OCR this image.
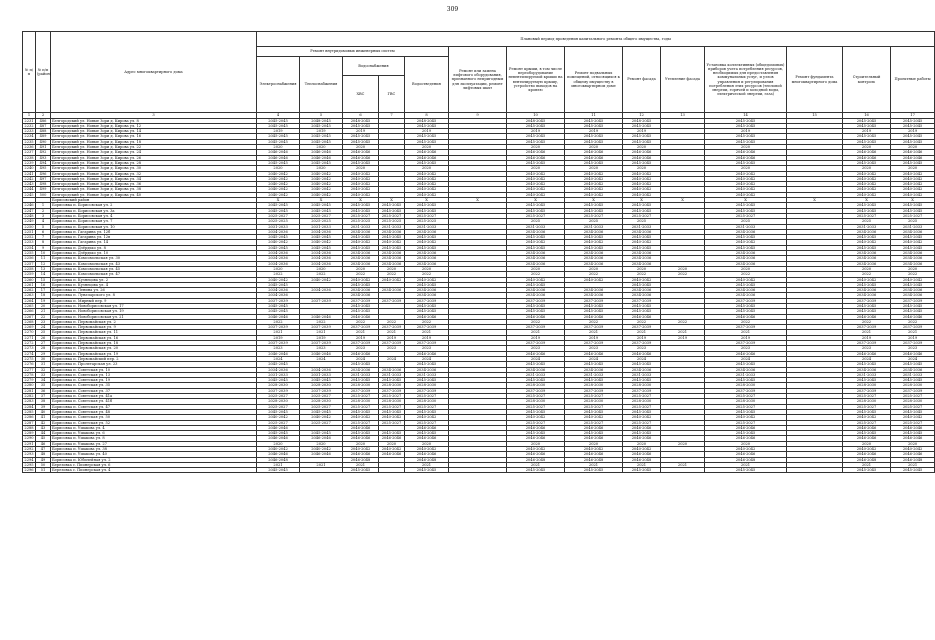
309
№ п/п	№ п/п (район)	Адрес многоквартирного дома	Плановый период проведения капитального ремонта общего имущества, годы													
			Ремонт внутридомовых инженерных систем					Ремонт или замена лифтового оборудования, признанного непригодным для эксплуатации, ремонт лифтовых шахт	Ремонт крыши, в том числе переоборудование невентилируемой крыши на вентилируемую крышу, устройство выходов на кровлю	Ремонт подвальных помещений, относящихся к общему имуществу в многоквартирном доме	Ремонт фасада	Утепление фасада	Установка коллективных (общедомовых) приборов учета потребления ресурсов, необходимых для предоставления коммунальных услуг, и узлов управления и регулирования потребления этих ресурсов (тепловой энергии, горячей и холодной воды, электрической энергии, газа)	Ремонт фундамента многоквартирного дома	Строительный контроль	Проектные работы
			Электроснабжения	Теплоснабжения	Водоснабжения
ХВС ГВС		Водоотведения									
1	2	3	4	5	6	7	8	9	10	11	12	13	14	15	16	17
2231	486	Белгородский ул. Новые Зори д. Кирова ул. 8	2045-2045	2048-2045	2048-2045		2048-2045		2048-2045	2045-2045	2048-2045		2045-2045		2045-2045	2045-2045
2232	487	Белгородский ул. Новые Зори д. Кирова ул. 12	2045-2045	2045-2045	2045-2045		2045-2045		2045-2045	2045-2045	2045-2045		2045-2045		2045-2045	2045-2045
2233	488	Белгородский ул. Новые Зори д. Кирова ул. 14	2019	2019	2019		2019		2019	2019	2019		2019		2019	2019
2234	489	Белгородский ул. Новые Зори д. Кирова ул. 16	2045-2045	2045-2045	2045-2045		2045-2045		2045-2045	2045-2045	2045-2045		2045-2045		2045-2045	2045-2045
2235	490	Белгородский ул. Новые Зори д. Кирова ул. 18	2045-2045	2045-2045	2045-2045		2045-2045		2045-2045	2045-2045	2045-2045		2045-2045		2045-2045	2045-2045
2236	491	Белгородский ул. Новые Зори д. Кирова ул. 22	2020	2020	2020		2020		2020	2020	2020		2020		2020	2020
2237	492	Белгородский ул. Новые Зори д. Кирова ул. 24	2046-2046	2046-2046	2046-2046		2046-2046		2046-2046	2046-2046	2046-2046		2046-2046		2046-2046	2046-2046
2238	493	Белгородский ул. Новые Зори д. Кирова ул. 26	2046-2046	2046-2046	2046-2046		2046-2046		2046-2046	2046-2046	2046-2046		2046-2046		2046-2046	2046-2046
2239	494	Белгородский ул. Новые Зори д. Кирова ул. 28	2045-2045	2045-2045	2045-2045		2045-2045		2045-2045	2045-2045	2045-2045		2045-2045		2045-2045	2045-2045
2240	495	Белгородский ул. Новые Зори д. Кирова ул. 30	2020	2020	2020		2020		2020	2020	2020		2020		2020	2020
2241	496	Белгородский ул. Новые Зори д. Кирова ул. 32	2040-2042	2040-2042	2040-2042		2040-2042		2040-2042	2040-2042	2040-2042		2040-2042		2040-2042	2040-2042
2242	497	Белгородский ул. Новые Зори д. Кирова ул. 34	2040-2042	2040-2042	2040-2042		2040-2042		2040-2042	2040-2042	2040-2042		2040-2042		2040-2042	2040-2042
2243	498	Белгородский ул. Новые Зори д. Кирова ул. 36	2040-2042	2040-2042	2040-2042		2040-2042		2040-2042	2040-2042	2040-2042		2040-2042		2040-2042	2040-2042
2244	499	Белгородский ул. Новые Зори д. Кирова ул. 38	2040-2042	2040-2042	2040-2042		2040-2042		2040-2042	2040-2042	2040-2042		2040-2042		2040-2042	2040-2042
2245	500	Белгородский ул. Новые Зори д. Кирова ул. 40	2040-2042	2040-2042	2040-2042		2040-2042		2040-2042	2040-2042	2040-2042		2040-2042		2040-2042	2040-2042
		Борисовский район	X	X	X	X	X	X	X	X	X	X	X	X	X	X
2246	1	Борисовка п. Борисовская ул. 2	2045-2045	2045-2045	2045-2045	2045-2045	2045-2045		2045-2045	2045-2045	2045-2045		2045-2045		2045-2045	2045-2045
2247	2	Борисовка п. Борисовская ул. 3а	2045-2045	2045-2045	2045-2045	2045-2045	2045-2045		2045-2045	2045-2045	2045-2045		2045-2045		2045-2045	2045-2045
2248	3	Борисовка п. Борисовская ул. 4	2025-2027	2025-2027	2025-2027	2025-2027	2025-2027		2025-2027	2025-2027	2025-2027		2025-2027		2025-2027	2025-2027
2249	4	Борисовка п. Борисовская ул. 7	2025-2025	2025-2025	2025-2025	2025-2025	2025-2025		2025	2025	2025		2025		2025	2025
2250	5	Борисовка п. Борисовская ул. 10	2031-2033	2031-2033	2031-2033	2031-2033	2031-2033		2031-2033	2031-2033	2031-2033		2031-2033		2031-2033	2031-2033
2251	6	Борисовка п. Гагарина ул. 12б	2034-2036	2034-2036	2034-2036	2034-2036	2034-2036		2034-2036	2034-2036	2034-2036		2034-2036		2034-2036	2034-2036
2252	7	Борисовка п. Гагарина ул. 12в	2045-2045	2045-2045	2045-2045	2045-2045	2045-2045		2045-2045	2045-2045	2045-2045		2045-2045		2045-2045	2045-2045
2253	8	Борисовка п. Гагарина ул. 14	2040-2042	2040-2042	2040-2042	2040-2042	2040-2042		2040-2042	2040-2042	2040-2042		2040-2042		2040-2042	2040-2042
2254	9	Борисовка п. Дзёрдько ул. 8	2045-2045	2045-2045	2045-2045	2045-2045	2045-2045		2045-2045	2045-2045	2045-2045		2045-2045		2045-2045	2045-2045
2255	10	Борисовка п. Дзёрдько ул. 10	2034-2036	2034-2036	2034-2036	2034-2036	2034-2036		2034-2036	2034-2036	2034-2036		2034-2036		2034-2036	2034-2036
2256	11	Борисовка п. Комсомольская ул. 30	2034-2036	2034-2036	2034-2036	2034-2036	2034-2036		2034-2036	2034-2036	2034-2036		2034-2036		2034-2036	2034-2036
2257	12	Борисовка п. Комсомольская ул. 43	2034-2036	2034-2036	2034-2036	2034-2036	2034-2036		2034-2036	2034-2036	2034-2036		2034-2036		2034-2036	2034-2036
2258	13	Борисовка п. Комсомольская ул. 45	2020	2020	2020	2020	2020		2020	2020	2020	2020	2020		2020	2020
2259	14	Борисовка п. Комсомольская ул. 47	2022	2022	2022	2022	2022		2022	2022	2022	2022	2022		2022	2022
2260	15	Борисовка п. Кузнецова ул. 2	2040-2042	2040-2042	2040-2042	2040-2042	2040-2042		2040-2042	2040-2042	2040-2042		2040-2042		2040-2042	2040-2042
2261	16	Борисовка п. Кузнецова ул. 4	2045-2045		2045-2045		2045-2045		2045-2045		2045-2045		2045-2045		2045-2045	2045-2045
2262	17	Борисовка п. Ленина ул. 26	2034-2036	2034-2036	2034-2036	2034-2036	2034-2036		2034-2036	2034-2036	2034-2036		2034-2036		2034-2036	2034-2036
2263	18	Борисовка п. Луначарского ул. 8	2034-2036		2034-2036		2034-2036		2034-2036	2034-2036	2034-2036		2034-2036		2034-2036	2034-2036
2264	19	Борисовка п. Мирный пер. 9	2037-2039	2037-2039	2037-2039	2037-2039	2037-2039		2037-2039	2037-2039	2037-2039		2037-2039		2037-2039	2037-2039
2265	20	Борисовка п. Новоборисовская ул. 17	2045-2045		2045-2045		2045-2045		2045-2045	2045-2045	2045-2045		2045-2045		2045-2045	2045-2045
2266	21	Борисовка п. Новоборисовская ул. 19	2045-2045		2045-2045		2045-2045		2045-2045	2045-2045	2045-2045		2045-2045		2045-2045	2045-2045
2267	22	Борисовка п. Новоборисовская ул. 21	2046-2046	2046-2046	2046-2046		2046-2046		2046-2046	2046-2046	2046-2046		2046-2046		2046-2046	2046-2046
2268	23	Борисовка п. Первомайская ул. 2	2022	2022	2022	2022	2022		2022	2022	2022	2022	2022		2022	2022
2269	24	Борисовка п. Первомайская ул. 9	2037-2039	2037-2039	2037-2039	2037-2039	2037-2039		2037-2039	2037-2039	2037-2039		2037-2039		2037-2039	2037-2039
2270	25	Борисовка п. Первомайская ул. 11	2021	2021	2021	2021	2021		2021	2021	2021	2021	2021		2021	2021
2271	26	Борисовка п. Первомайская ул. 16	2019	2019	2019	2019	2019		2019	2019	2019	2019	2019		2019	2019
2272	27	Борисовка п. Первомайская ул. 18	2037-2039	2037-2039	2037-2039	2037-2039	2037-2039		2037-2039	2037-2039	2037-2039		2037-2039		2037-2039	2037-2039
2273	28	Борисовка п. Первомайская ул. 20	2023	2023	2023	2023	2023		2023	2023	2023		2023		2023	2023
2274	29	Борисовка п. Первомайская ул. 19	2046-2046	2046-2046	2046-2046		2046-2046		2046-2046	2046-2046	2046-2046		2046-2046		2046-2046	2046-2046
2275	30	Борисовка п. Первомайский пер. 2	2024	2024	2024	2024	2024		2024	2024	2024		2024		2024	2024
2276	31	Борисовка п. Пролетарская ул. 23	2045-2045		2045-2045		2045-2045		2045-2045	2045-2045	2045-2045		2045-2045		2045-2045	2045-2045
2277	32	Борисовка п. Советская ул. 10	2034-2036	2034-2036	2034-2036	2034-2036	2034-2036		2034-2036	2034-2036	2034-2036		2034-2036		2034-2036	2034-2036
2278	33	Борисовка п. Советская ул. 13	2031-2033	2031-2033	2031-2033	2031-2033	2031-2033		2031-2033	2031-2033	2031-2033		2031-2033		2031-2033	2031-2033
2279	34	Борисовка п. Советская ул. 19	2045-2045	2045-2045	2045-2045	2045-2045	2045-2045		2045-2045	2045-2045	2045-2045		2045-2045		2045-2045	2045-2045
2280	35	Борисовка п. Советская ул. 35	2028-2030	2028-2030	2028-2030	2028-2030	2028-2030		2028-2030	2028-2030	2028-2030		2028-2030		2028-2030	2028-2030
2281	36	Борисовка п. Советская ул. 37	2037-2039	2037-2039	2037-2039	2037-2039	2037-2039		2037-2039	2037-2039	2037-2039		2037-2039		2037-2039	2037-2039
2282	37	Борисовка п. Советская ул. 41а	2025-2027	2025-2027	2025-2027	2025-2027	2025-2027		2025-2027	2025-2027	2025-2027		2025-2027		2025-2027	2025-2027
2283	38	Борисовка п. Советская ул. 41б	2028-2030	2028-2030	2028-2030	2028-2030	2028-2030		2028-2030	2028-2030	2028-2030		2028-2030		2028-2030	2028-2030
2284	39	Борисовка п. Советская ул. 47	2025-2027	2025-2027	2025-2027	2025-2027	2025-2027		2025-2027	2025-2027	2025-2027		2025-2027		2025-2027	2025-2027
2285	40	Борисовка п. Советская ул. 48	2045-2045	2045-2045	2045-2045	2045-2045	2045-2045		2045-2045	2045-2045	2045-2045		2045-2045		2045-2045	2045-2045
2286	41	Борисовка п. Советская ул. 50	2040-2042	2040-2042	2040-2042	2040-2042	2040-2042		2040-2042	2040-2042	2040-2042		2040-2042		2040-2042	2040-2042
2287	42	Борисовка п. Советская ул. 52	2025-2027	2025-2027	2025-2027	2025-2027	2025-2027		2025-2027	2025-2027	2025-2027		2025-2027		2025-2027	2025-2027
2288	43	Борисовка п. Ушакова ул. 4	2046-2046		2046-2046		2046-2046		2046-2046	2046-2046	2046-2046		2046-2046		2046-2046	2046-2046
2289	44	Борисовка п. Ушакова ул. 6	2045-2045	2045-2045	2045-2045	2045-2045	2045-2045		2045-2045	2045-2045	2045-2045		2045-2045		2045-2045	2045-2045
2290	45	Борисовка п. Ушакова ул. 8	2046-2046	2046-2046	2046-2046	2046-2046	2046-2046		2046-2046	2046-2046	2046-2046		2046-2046		2046-2046	2046-2046
2291	46	Борисовка п. Ушакова ул. 27	2020	2020	2020	2020	2020		2020	2020	2020	2020	2020		2020	2020
2292	47	Борисовка п. Ушакова ул. 38	2040-2042	2040-2042	2040-2042	2040-2042	2040-2042		2040-2042	2040-2042	2040-2042		2040-2042		2040-2042	2040-2042
2293	48	Борисовка п. Ушакова ул. 40	2046-2046	2046-2046	2046-2046	2046-2046	2046-2046		2046-2046	2046-2046	2046-2046		2046-2046		2046-2046	2046-2046
2294	49	Борисовка п. Юбилейная ул. 2	2046-2048		2046-2048		2046-2048		2046-2048	2046-2048	2046-2048		2046-2048		2046-2048	2046-2048
2295	50	Березовка с. Пионерская ул. 6	2021	2021	2021		2021		2021	2021	2021	2021	2021		2021	2021
2296	51	Березовка с. Пионерская ул. 4	2045-2045		2045-2045		2045-2045		2045-2045	2045-2045	2045-2045		2045-2045		2045-2045	2045-2045
